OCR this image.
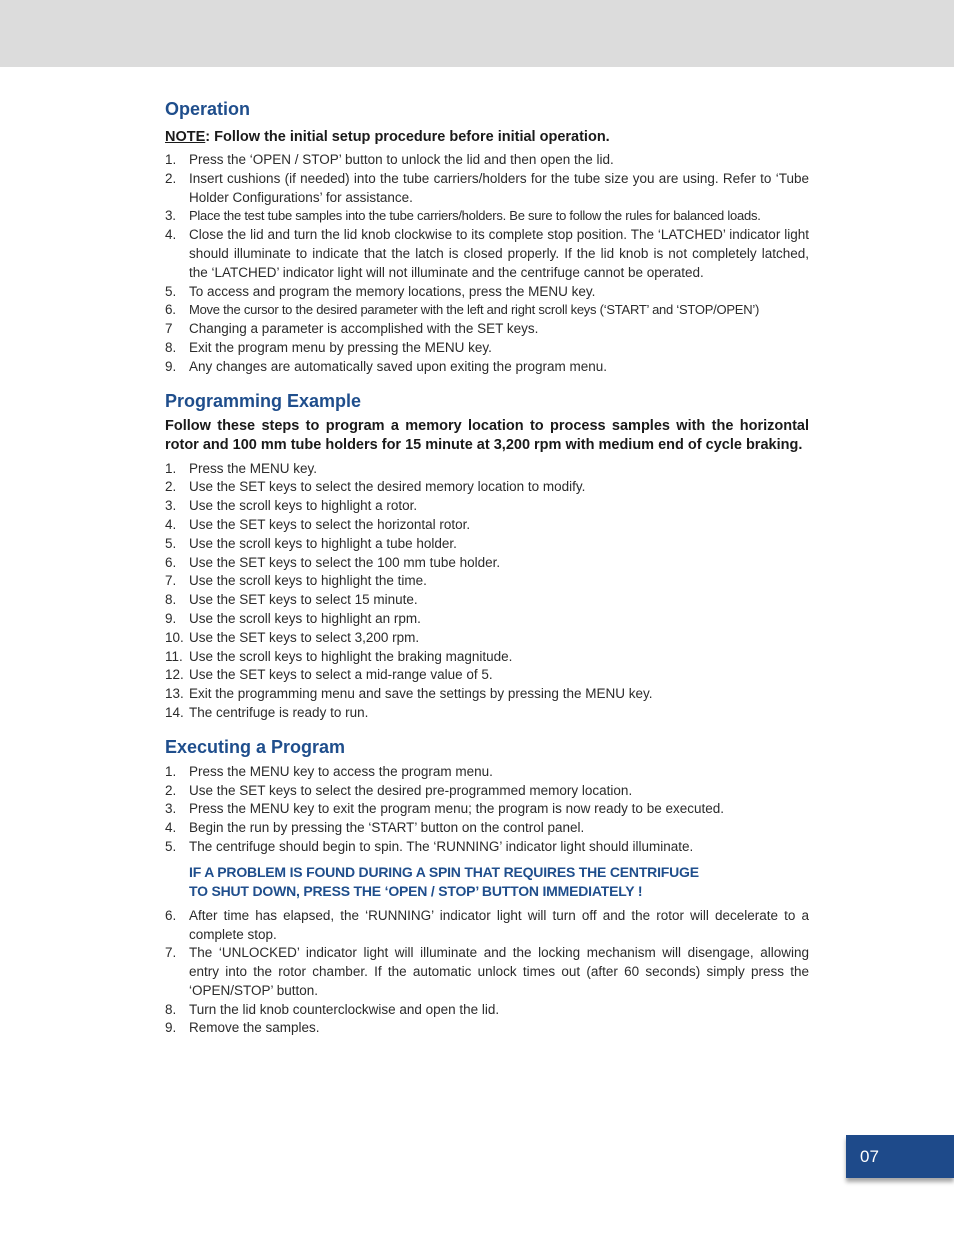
Operation
NOTE: Follow the initial setup procedure before initial operation.
1. Press the ‘OPEN / STOP’ button to unlock the lid and then open the lid.
2. Insert cushions (if needed) into the tube carriers/holders for the tube size you are using. Refer to ‘Tube Holder Configurations’ for assistance.
3. Place the test tube samples into the tube carriers/holders. Be sure to follow the rules for balanced loads.
4. Close the lid and turn the lid knob clockwise to its complete stop position. The ‘LATCHED’ indicator light should illuminate to indicate that the latch is closed properly. If the lid knob is not completely latched, the ‘LATCHED’ indicator light will not illuminate and the centrifuge cannot be operated.
5. To access and program the memory locations, press the MENU key.
6. Move the cursor to the desired parameter with the left and right scroll keys (‘START’ and ‘STOP/OPEN’)
7 Changing a parameter is accomplished with the SET keys.
8. Exit the program menu by pressing the MENU key.
9. Any changes are automatically saved upon exiting the program menu.
Programming Example
Follow these steps to program a memory location to process samples with the horizontal rotor and 100 mm tube holders for 15 minute at 3,200 rpm with medium end of cycle braking.
1. Press the MENU key.
2. Use the SET keys to select the desired memory location to modify.
3. Use the scroll keys to highlight a rotor.
4. Use the SET keys to select the horizontal rotor.
5. Use the scroll keys to highlight a tube holder.
6. Use the SET keys to select the 100 mm tube holder.
7. Use the scroll keys to highlight the time.
8. Use the SET keys to select 15 minute.
9. Use the scroll keys to highlight an rpm.
10. Use the SET keys to select 3,200 rpm.
11. Use the scroll keys to highlight the braking magnitude.
12. Use the SET keys to select a mid-range value of 5.
13. Exit the programming menu and save the settings by pressing the MENU key.
14. The centrifuge is ready to run.
Executing a Program
1. Press the MENU key to access the program menu.
2. Use the SET keys to select the desired pre-programmed memory location.
3. Press the MENU key to exit the program menu; the program is now ready to be executed.
4. Begin the run by pressing the ‘START’ button on the control panel.
5. The centrifuge should begin to spin. The ‘RUNNING’ indicator light should illuminate.
IF A PROBLEM IS FOUND DURING A SPIN THAT REQUIRES THE CENTRIFUGE
TO SHUT DOWN, PRESS THE ‘OPEN / STOP’ BUTTON IMMEDIATELY !
6. After time has elapsed, the ‘RUNNING’ indicator light will turn off and the rotor will decelerate to a complete stop.
7. The ‘UNLOCKED’ indicator light will illuminate and the locking mechanism will disengage, allowing entry into the rotor chamber. If the automatic unlock times out (after 60 seconds) simply press the ‘OPEN/STOP’ button.
8. Turn the lid knob counterclockwise and open the lid.
9. Remove the samples.
07
